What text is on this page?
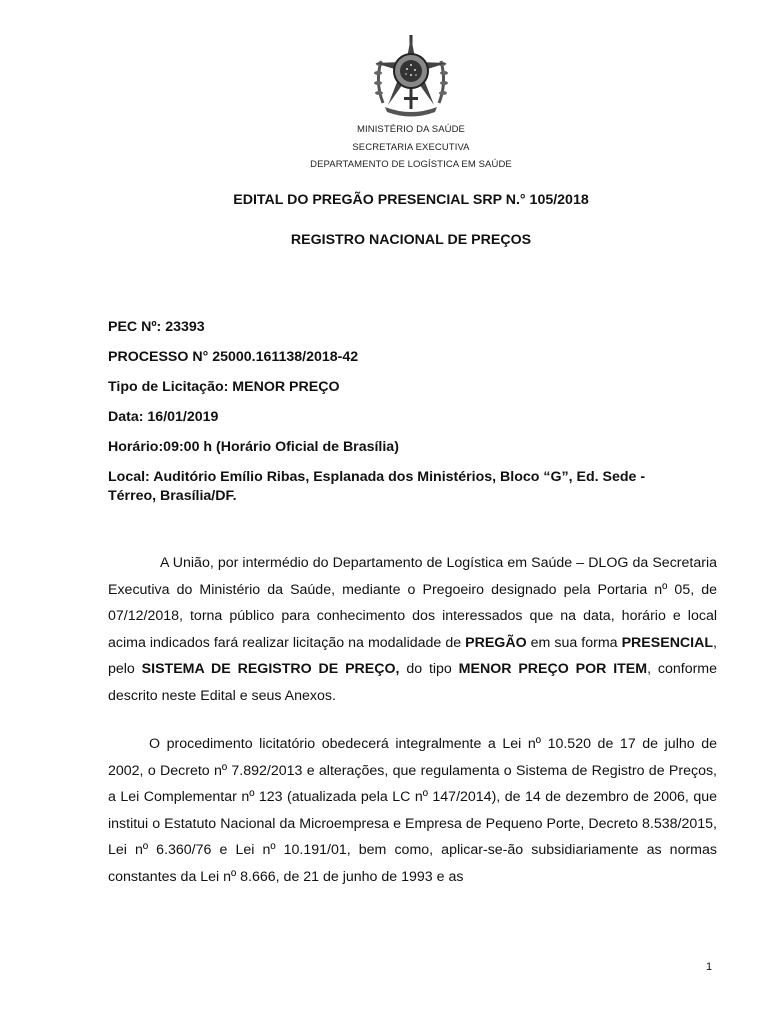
MINISTÉRIO DA SAÚDE
SECRETARIA EXECUTIVA
DEPARTAMENTO DE LOGÍSTICA EM SAÚDE
EDITAL DO PREGÃO PRESENCIAL SRP N.° 105/2018
REGISTRO NACIONAL DE PREÇOS
PEC Nº: 23393
PROCESSO N° 25000.161138/2018-42
Tipo de Licitação: MENOR PREÇO
Data: 16/01/2019
Horário:09:00 h (Horário Oficial de Brasília)
Local: Auditório Emílio Ribas, Esplanada dos Ministérios, Bloco “G”, Ed. Sede -
Térreo, Brasília/DF.
A União, por intermédio do Departamento de Logística em Saúde – DLOG da Secretaria Executiva do Ministério da Saúde, mediante o Pregoeiro designado pela Portaria nº 05, de 07/12/2018, torna público para conhecimento dos interessados que na data, horário e local acima indicados fará realizar licitação na modalidade de PREGÃO em sua forma PRESENCIAL, pelo SISTEMA DE REGISTRO DE PREÇO, do tipo MENOR PREÇO POR ITEM, conforme descrito neste Edital e seus Anexos.
O procedimento licitatório obedecerá integralmente a Lei nº 10.520 de 17 de julho de 2002, o Decreto nº 7.892/2013 e alterações, que regulamenta o Sistema de Registro de Preços, a Lei Complementar nº 123 (atualizada pela LC nº 147/2014), de 14 de dezembro de 2006, que institui o Estatuto Nacional da Microempresa e Empresa de Pequeno Porte, Decreto 8.538/2015, Lei nº 6.360/76 e Lei nº 10.191/01, bem como, aplicar-se-ão subsidiariamente as normas constantes da Lei nº 8.666, de 21 de junho de 1993 e as
1
